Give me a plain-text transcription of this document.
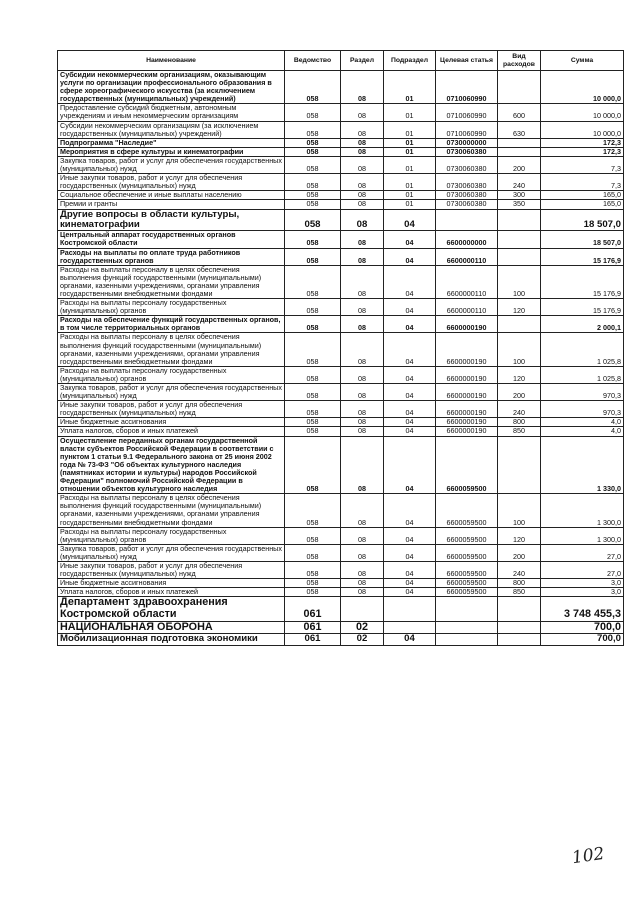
Наименование	Ведомство	Раздел	Подраздел	Целевая статья	Вид расходов	Сумма
Субсидии некоммерческим организациям, оказывающим услуги по организации профессионального образования в сфере хореографического искусства (за исключением государственных (муниципальных) учреждений)	058	08	01	0710060990		10 000,0
Предоставление субсидий бюджетным, автономным учреждениям и иным некоммерческим организациям	058	08	01	0710060990	600	10 000,0
Субсидии некоммерческим организациям (за исключением государственных (муниципальных) учреждений)	058	08	01	0710060990	630	10 000,0
Подпрограмма "Наследие"	058	08	01	0730000000		172,3
Мероприятия в сфере культуры и кинематографии	058	08	01	0730060380		172,3
Закупка товаров, работ и услуг для обеспечения государственных (муниципальных) нужд	058	08	01	0730060380	200	7,3
Иные закупки товаров, работ и услуг для обеспечения государственных (муниципальных) нужд	058	08	01	0730060380	240	7,3
Социальное обеспечение и иные выплаты населению	058	08	01	0730060380	300	165,0
Премии и гранты	058	08	01	0730060380	350	165,0
Другие вопросы в области культуры, кинематографии	058	08	04			18 507,0
Центральный аппарат государственных органов Костромской области	058	08	04	6600000000		18 507,0
Расходы на выплаты по оплате труда работников государственных органов	058	08	04	6600000110		15 176,9
Расходы на выплаты персоналу в целях обеспечения выполнения функций государственными (муниципальными) органами, казенными учреждениями, органами управления государственными внебюджетными фондами	058	08	04	6600000110	100	15 176,9
Расходы на выплаты персоналу государственных (муниципальных) органов	058	08	04	6600000110	120	15 176,9
Расходы на обеспечение функций государственных органов, в том числе территориальных органов	058	08	04	6600000190		2 000,1
Расходы на выплаты персоналу в целях обеспечения выполнения функций государственными (муниципальными) органами, казенными учреждениями, органами управления государственными внебюджетными фондами	058	08	04	6600000190	100	1 025,8
Расходы на выплаты персоналу государственных (муниципальных) органов	058	08	04	6600000190	120	1 025,8
Закупка товаров, работ и услуг для обеспечения государственных (муниципальных) нужд	058	08	04	6600000190	200	970,3
Иные закупки товаров, работ и услуг для обеспечения государственных (муниципальных) нужд	058	08	04	6600000190	240	970,3
Иные бюджетные ассигнования	058	08	04	6600000190	800	4,0
Уплата налогов, сборов и иных платежей	058	08	04	6600000190	850	4,0
Осуществление переданных органам государственной власти субъектов Российской Федерации в соответствии с пунктом 1 статьи 9.1 Федерального закона от 25 июня 2002 года № 73-ФЗ "Об объектах культурного наследия (памятниках истории и культуры) народов Российской Федерации" полномочий Российской Федерации в отношении объектов культурного наследия	058	08	04	6600059500		1 330,0
Расходы на выплаты персоналу в целях обеспечения выполнения функций государственными (муниципальными) органами, казенными учреждениями, органами управления государственными внебюджетными фондами	058	08	04	6600059500	100	1 300,0
Расходы на выплаты персоналу государственных (муниципальных) органов	058	08	04	6600059500	120	1 300,0
Закупка товаров, работ и услуг для обеспечения государственных (муниципальных) нужд	058	08	04	6600059500	200	27,0
Иные закупки товаров, работ и услуг для обеспечения государственных (муниципальных) нужд	058	08	04	6600059500	240	27,0
Иные бюджетные ассигнования	058	08	04	6600059500	800	3,0
Уплата налогов, сборов и иных платежей	058	08	04	6600059500	850	3,0
Департамент здравоохранения Костромской области	061					3 748 455,3
НАЦИОНАЛЬНАЯ ОБОРОНА	061	02				700,0
Мобилизационная подготовка экономики	061	02	04			700,0
102
